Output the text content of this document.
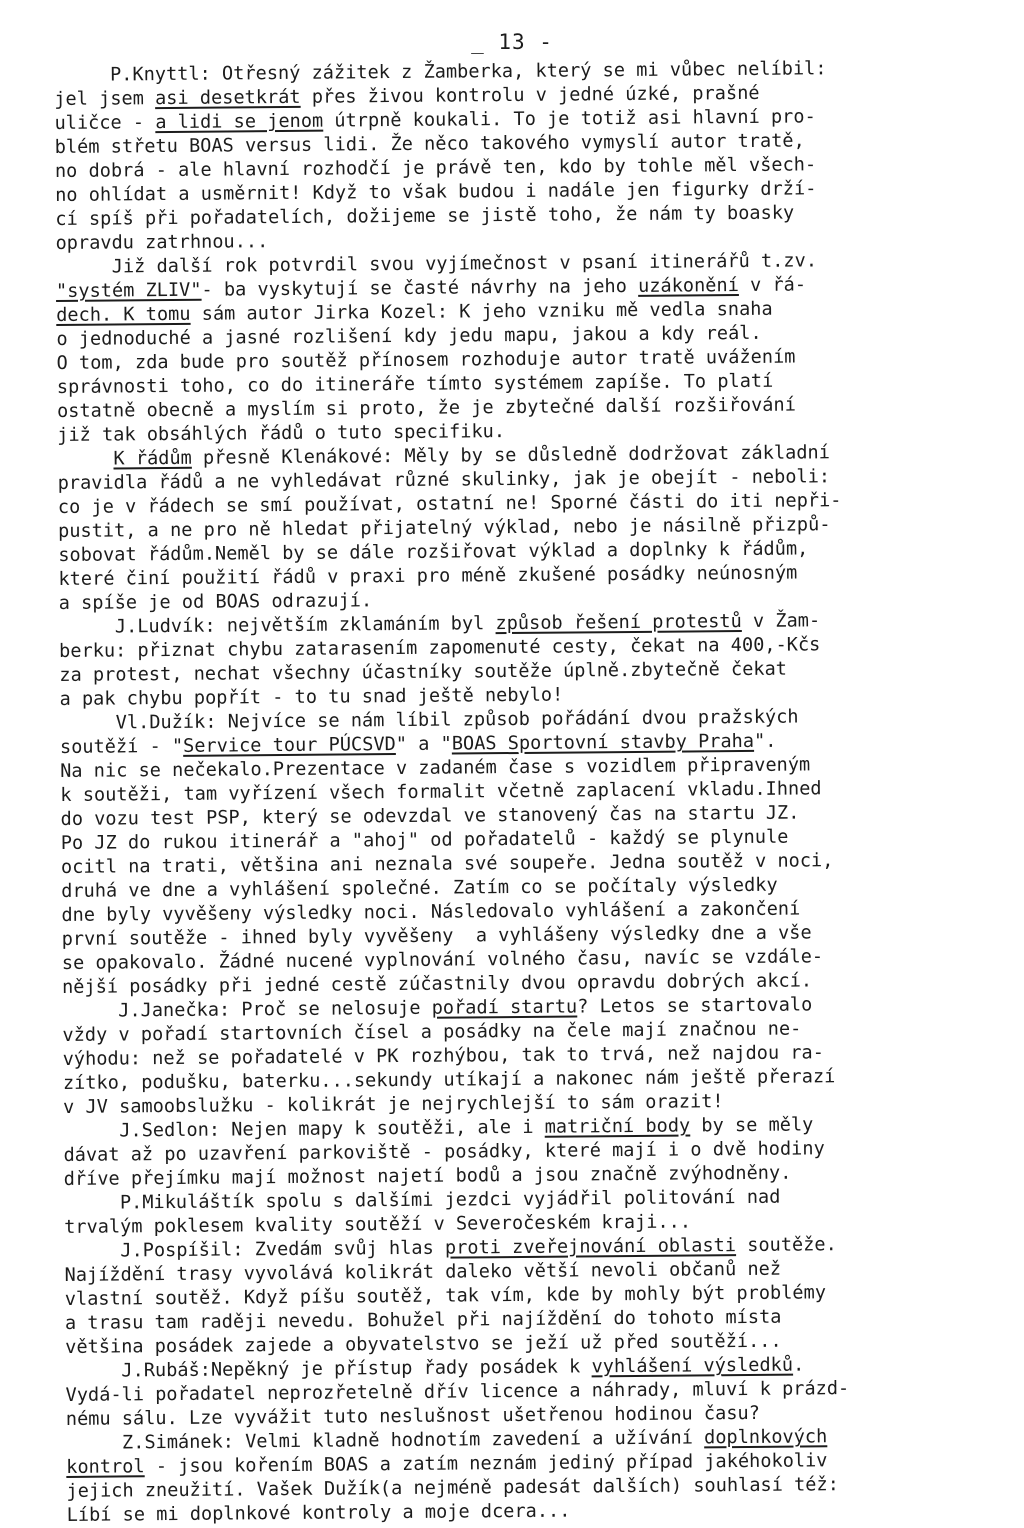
_ 13 -
P.Knyttl: Otřesný zážitek z  Žamberka, který se mi vůbec nelíbil:
jel jsem asi desetkrát přes živou kontrolu v jedné úzké, prašné
uličce - a lidi se jenom útrpně koukali. To je totiž asi hlavní pro-
blém střetu BOAS versus lidi. Že něco takového vymyslí autor tratě,
no dobrá - ale hlavní rozhodčí je právě ten, kdo by tohle měl všech-
no ohlídat a usměrnit! Když to však budou i nadále jen figurky drží-
cí spíš při pořadatelích, dožijeme se jistě toho, že nám ty boasky
opravdu zatrhnou...
Již další rok potvrdil svou vyjímečnost v psaní itinerářů t.zv.
"systém ZLIV"- ba vyskytují se časté návrhy na jeho uzákonění v řá-
dech. K tomu sám autor Jirka Kozel: K jeho vzniku mě vedla snaha
o jednoduché a jasné rozlišení kdy jedu mapu, jakou a kdy reál.
O tom, zda bude pro soutěž přínosem rozhoduje autor tratě uvážením
správnosti toho, co do itineráře tímto systémem zapíše. To platí
ostatně obecně a myslím si proto, že je zbytečné další rozšiřování
již tak obsáhlých řádů o tuto specifiku.
K řádům přesně Klenákové: Měly by se důsledně dodržovat základní
pravidla řádů a ne vyhledávat různé skulinky, jak je obejít - neboli:
co je v řádech se smí používat, ostatní ne! Sporné části do iti nepři-
pustit, a ne pro ně hledat přijatelný výklad, nebo je násilně přizpů-
sobovat řádům.Neměl by se dále rozšiřovat výklad a doplnky k řádům,
které činí použití řádů v praxi pro méně zkušené posádky neúnosným
a spíše je od BOAS odrazují.
J.Ludvík: největším zklamáním byl způsob řešení protestů v Žam-
berku: přiznat chybu zatarasením zapomenuté cesty, čekat na 400,-Kčs
za protest, nechat všechny účastníky soutěže úplně.zbytečně čekat
a pak chybu popřít - to tu snad ještě nebylo!
Vl.Dužík: Nejvíce se nám líbil způsob pořádání dvou pražských
soutěží - "Service tour PÚCSVD" a "BOAS Sportovní stavby Praha".
Na nic se nečekalo.Prezentace v zadaném čase s vozidlem připraveným
k soutěži, tam vyřízení všech formalit včetně zaplacení vkladu.Ihned
do vozu test PSP, který se odevzdal ve stanovený čas na startu JZ.
Po JZ do rukou itinerář a "ahoj" od pořadatelů - každý se plynule
ocitl na trati, většina ani neznala své soupeře. Jedna soutěž v noci,
druhá ve dne a vyhlášení společné. Zatím co se počítaly výsledky
dne byly vyvěšeny výsledky noci. Následovalo vyhlášení a zakončení
první soutěže - ihned byly vyvěšeny  a vyhlášeny výsledky dne a vše
se opakovalo. Žádné nucené vyplnování volného času, navíc se vzdále-
nější posádky při jedné cestě zúčastnily dvou opravdu dobrých akcí.
J.Janečka: Proč se nelosuje pořadí startu? Letos se startovalo
vždy v pořadí startovních čísel a posádky na čele mají značnou ne-
výhodu: než se pořadatelé v PK rozhýbou, tak to trvá, než najdou ra-
zítko, podušku, baterku...sekundy utíkají a nakonec nám ještě přerazí
v JV samoobslužku - kolikrát je nejrychlejší to sám orazit!
J.Sedlon: Nejen mapy k soutěži, ale i matriční body by se měly
dávat až po uzavření parkoviště - posádky, které mají i o dvě hodiny
dříve přejímku mají možnost najetí bodů a jsou značně zvýhodněny.
P.Mikuláštík spolu s dalšími jezdci vyjádřil politování nad
trvalým poklesem kvality soutěží v Severočeském kraji...
J.Pospíšil: Zvedám svůj hlas proti zveřejnování oblasti soutěže.
Najíždění trasy vyvolává kolikrát daleko větší nevoli občanů než
vlastní soutěž. Když píšu soutěž, tak vím, kde by mohly být problémy
a trasu tam raději nevedu. Bohužel při najíždění do tohoto místa
většina posádek zajede a obyvatelstvo se ježí už před soutěží...
J.Rubáš:Nepěkný je přístup řady posádek k vyhlášení výsledků.
Vydá-li pořadatel neprozřetelně dřív licence a náhrady, mluví k prázd-
nému sálu. Lze vyvážit tuto neslušnost ušetřenou hodinou času?
Z.Simánek: Velmi kladně hodnotím zavedení a užívání doplnkových
kontrol - jsou kořením BOAS a zatím neznám jediný případ jakéhokoliv
jejich zneužití. Vašek Dužík(a nejméně padesát dalších) souhlasí též:
Líbí se mi doplnkové kontroly a moje dcera...
